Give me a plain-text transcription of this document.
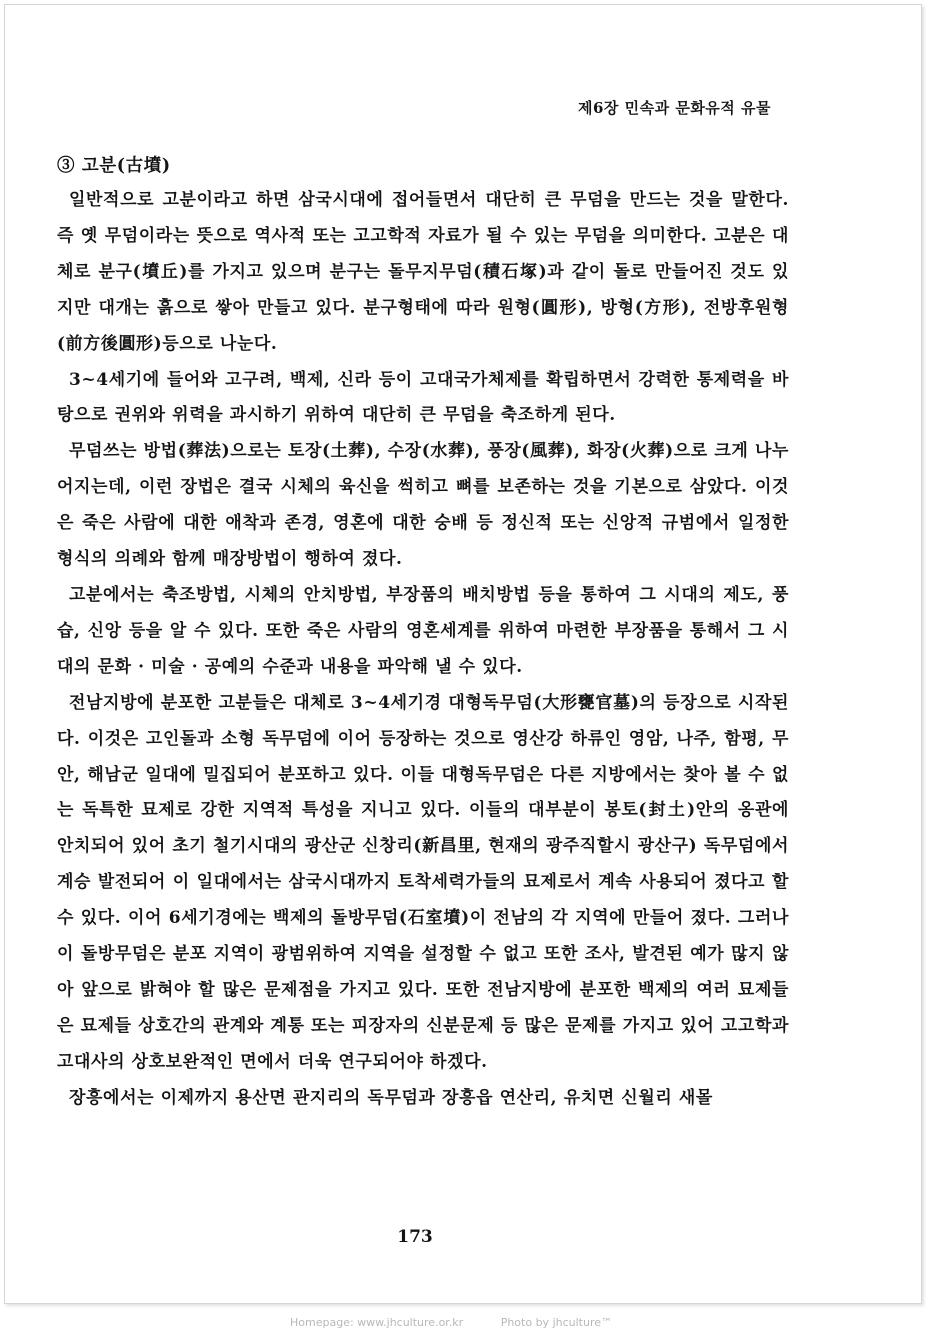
제6장 민속과 문화유적 유물

③ 고분(古墳)

일반적으로 고분이라고 하면 삼국시대에 접어들면서 대단히 큰 무덤을 만드는 것을 말한다. 즉 옛 무덤이라는 뜻으로 역사적 또는 고고학적 자료가 될 수 있는 무덤을 의미한다. 고분은 대체로 분구(墳丘)를 가지고 있으며 분구는 돌무지무덤(積石塚)과 같이 돌로 만들어진 것도 있지만 대개는 흙으로 쌓아 만들고 있다. 분구형태에 따라 원형(圓形), 방형(方形), 전방후원형(前方後圓形)등으로 나눈다.

3~4세기에 들어와 고구려, 백제, 신라 등이 고대국가체제를 확립하면서 강력한 통제력을 바탕으로 권위와 위력을 과시하기 위하여 대단히 큰 무덤을 축조하게 된다.

무덤쓰는 방법(葬法)으로는 토장(土葬), 수장(水葬), 풍장(風葬), 화장(火葬)으로 크게 나누어지는데, 이런 장법은 결국 시체의 육신을 썩히고 뼈를 보존하는 것을 기본으로 삼았다. 이것은 죽은 사람에 대한 애착과 존경, 영혼에 대한 숭배 등 정신적 또는 신앙적 규범에서 일정한 형식의 의례와 함께 매장방법이 행하여 졌다.

고분에서는 축조방법, 시체의 안치방법, 부장품의 배치방법 등을 통하여 그 시대의 제도, 풍습, 신앙 등을 알 수 있다. 또한 죽은 사람의 영혼세계를 위하여 마련한 부장품을 통해서 그 시대의 문화 · 미술 · 공예의 수준과 내용을 파악해 낼 수 있다.

전남지방에 분포한 고분들은 대체로 3~4세기경 대형독무덤(大形甕官墓)의 등장으로 시작된다. 이것은 고인돌과 소형 독무덤에 이어 등장하는 것으로 영산강 하류인 영암, 나주, 함평, 무안, 해남군 일대에 밀집되어 분포하고 있다. 이들 대형독무덤은 다른 지방에서는 찾아 볼 수 없는 독특한 묘제로 강한 지역적 특성을 지니고 있다. 이들의 대부분이 봉토(封土)안의 옹관에 안치되어 있어 초기 철기시대의 광산군 신창리(新昌里, 현재의 광주직할시 광산구) 독무덤에서 계승 발전되어 이 일대에서는 삼국시대까지 토착세력가들의 묘제로서 계속 사용되어 졌다고 할 수 있다. 이어 6세기경에는 백제의 돌방무덤(石室墳)이 전남의 각 지역에 만들어 졌다. 그러나 이 돌방무덤은 분포 지역이 광범위하여 지역을 설정할 수 없고 또한 조사, 발견된 예가 많지 않아 앞으로 밝혀야 할 많은 문제점을 가지고 있다. 또한 전남지방에 분포한 백제의 여러 묘제들은 묘제들 상호간의 관계와 계통 또는 피장자의 신분문제 등 많은 문제를 가지고 있어 고고학과 고대사의 상호보완적인 면에서 더욱 연구되어야 하겠다.

장흥에서는 이제까지 용산면 관지리의 독무덤과 장흥읍 연산리, 유치면 신월리 새몰

173
Homepage: www.jhculture.or.kr	Photo by jhculture™
